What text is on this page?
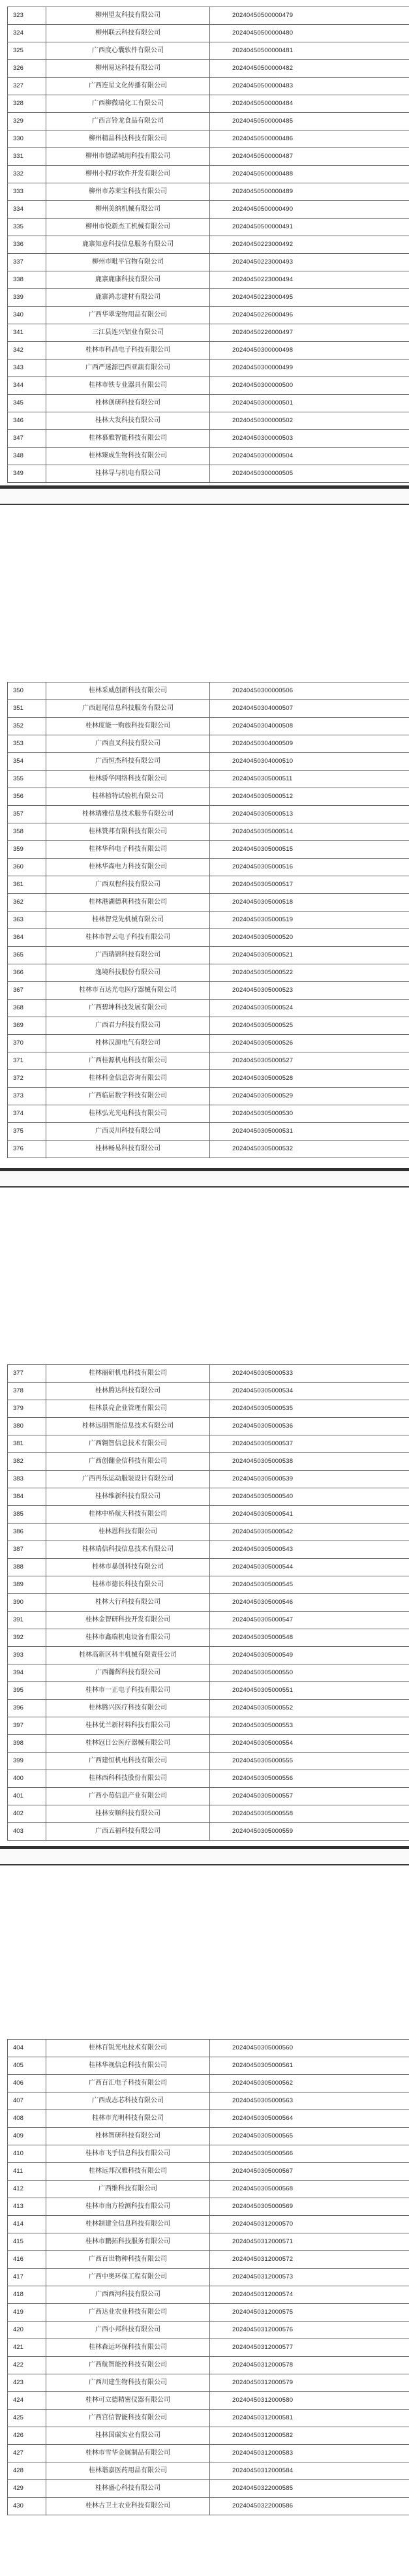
323	柳州望友科技有限公司	20240450500000479
324	柳州联云科技有限公司	20240450500000480
325	广西度心囊软件有限公司	20240450500000481
326	柳州易达科技有限公司	20240450500000482
327	广西连星文化传播有限公司	20240450500000483
328	广西柳微瑞化工有限公司	20240450500000484
329	广西言铃龙食品有限公司	20240450500000485
330	柳州精品科技科技有限公司	20240450500000486
331	柳州市德诺城用科技有限公司	20240450500000487
332	柳州小程序软件开发有限公司	20240450500000488
333	柳州市苏莱宝科技有限公司	20240450500000489
334	柳州美纳机械有限公司	20240450500000490
335	柳州市悦新杰工机械有限公司	20240450500000491
336	鹿寨知意科技信息服务有限公司	20240450223000492
337	柳州市毗平官物有限公司	20240450223000493
338	鹿寨鹿康科技有限公司	20240450223000494
339	鹿寨鸿志建材有限公司	20240450223000495
340	广西华翠宠物用品有限公司	20240450226000496
341	三江县连兴铝业有限公司	20240450226000497
342	桂林市科昌电子科技有限公司	20240450300000498
343	广西严迷源巴西亚蔬有限公司	20240450300000499
344	桂林市铁专业器具有限公司	20240450300000500
345	桂林创研科技有限公司	20240450300000501
346	桂林大发科技有限公司	20240450300000502
347	桂林慕雅智能科技有限公司	20240450300000503
348	桂林臻成生物科技有限公司	20240450300000504
349	桂林导与机电有限公司	20240450300000505
350	桂林采威创新科技有限公司	20240450300000506
351	广西赶尾信息科技服务有限公司	20240450304000507
352	桂林度能一购旅科技有限公司	20240450304000508
353	广西直叉科技有限公司	20240450304000509
354	广西恒杰科技有限公司	20240450304000510
355	桂林骄华网络科技有限公司	20240450305000511
356	桂林植特试验机有限公司	20240450305000512
357	桂林瑞雅信息技术服务有限公司	20240450305000513
358	桂林赞邦有限科技有限公司	20240450305000514
359	桂林华科电子科技有限公司	20240450305000515
360	桂林华森电力科技有限公司	20240450305000516
361	广西双程科技有限公司	20240450305000517
362	桂林港湖德利科技有限公司	20240450305000518
363	桂林智党先机械有限公司	20240450305000519
364	桂林市智云电子科技有限公司	20240450305000520
365	广西瑞锦科技有限公司	20240450305000521
366	逸境科技股份有限公司	20240450305000522
367	桂林市百达光电医疗器械有限公司	20240450305000523
368	广西碧坤科技发展有限公司	20240450305000524
369	广西君力科技有限公司	20240450305000525
370	桂林汉源电气有限公司	20240450305000526
371	广西桂源机电科技有限公司	20240450305000527
372	桂林科金信息咨询有限公司	20240450305000528
373	广西临届数字科技有限公司	20240450305000529
374	桂林弘光光电科技有限公司	20240450305000530
375	广西灵川科技有限公司	20240450305000531
376	桂林畅易科技有限公司	20240450305000532
377	桂林丽研机电科技有限公司	20240450305000533
378	桂林腾达科技有限公司	20240450305000534
379	桂林景亮企业管理有限公司	20240450305000535
380	桂林远朋智能信息技术有限公司	20240450305000536
381	广西翱智信息技术有限公司	20240450305000537
382	广西创翻金信科技有限公司	20240450305000538
383	广西再乐运动服装设计有限公司	20240450305000539
384	桂林维新科技有限公司	20240450305000540
385	桂林中桥航天科技有限公司	20240450305000541
386	桂林恩科技有限公司	20240450305000542
387	桂林瑞信科技信息技术有限公司	20240450305000543
388	桂林市暴创科技有限公司	20240450305000544
389	桂林市德长科技有限公司	20240450305000545
390	桂林大行科技有限公司	20240450305000546
391	桂林金智研科技开发有限公司	20240450305000547
392	桂林市鑫瑞机电设备有限公司	20240450305000548
393	桂林高新区科丰机械有限责任公司	20240450305000549
394	广西瀚辉科技有限公司	20240450305000550
395	桂林市一正电子科技有限公司	20240450305000551
396	桂林腾兴医疗科技有限公司	20240450305000552
397	桂林优兰新材料科技有限公司	20240450305000553
398	桂林冠日公医疗器械有限公司	20240450305000554
399	广西建恒机电科技有限公司	20240450305000555
400	桂林西科科技股份有限公司	20240450305000556
401	广西小莓信息产业有限公司	20240450305000557
402	桂林安顺科技有限公司	20240450305000558
403	广西五福科技有限公司	20240450305000559
404	桂林百锐光电技术有限公司	20240450305000560
405	桂林华视信息科技有限公司	20240450305000561
406	广西百汇电子科技有限公司	20240450305000562
407	广西成志芯科技有限公司	20240450305000563
408	桂林市光明科技有限公司	20240450305000564
409	桂林智研科技有限公司	20240450305000565
410	桂林市飞手信息科技有限公司	20240450305000566
411	桂林远邦汉雅科技有限公司	20240450305000567
412	广西维科技有限公司	20240450305000568
413	桂林市南方检测科技有限公司	20240450305000569
414	桂林制建全信息科技有限公司	20240450312000570
415	桂林市鹏拓科技服务有限公司	20240450312000571
416	广西百世物种科技有限公司	20240450312000572
417	广西中奥环保工程有限公司	20240450312000573
418	广西西河科技有限公司	20240450312000574
419	广西达业农业科技有限公司	20240450312000575
420	广西小邦科技有限公司	20240450312000576
421	桂林森运环保科技有限公司	20240450312000577
422	广西航智能控科技有限公司	20240450312000578
423	广西川建生物科技有限公司	20240450312000579
424	桂林可立德精密仪器有限公司	20240450312000580
425	广西宫信智能科技有限公司	20240450312000581
426	桂林国碳实业有限公司	20240450312000582
427	桂林市雪华金属制品有限公司	20240450312000583
428	桂林谐嘉医药用品有限公司	20240450312000584
429	桂林盛心科技有限公司	20240450322000585
430	桂林古卫土农业科技有限公司	20240450322000586
